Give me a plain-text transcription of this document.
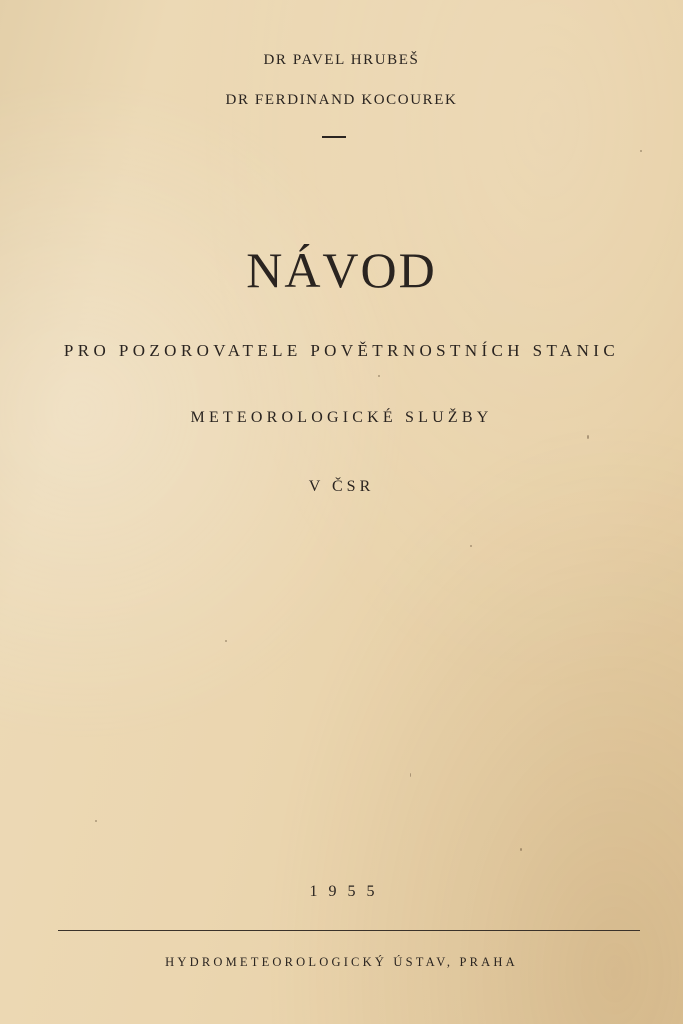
DR PAVEL HRUBEŠ
DR FERDINAND KOCOUREK
NÁVOD
PRO POZOROVATELE POVĚTRNOSTNÍCH STANIC
METEOROLOGICKÉ SLUŽBY
V ČSR
1955
HYDROMETEOROLOGICKÝ ÚSTAV, PRAHA
